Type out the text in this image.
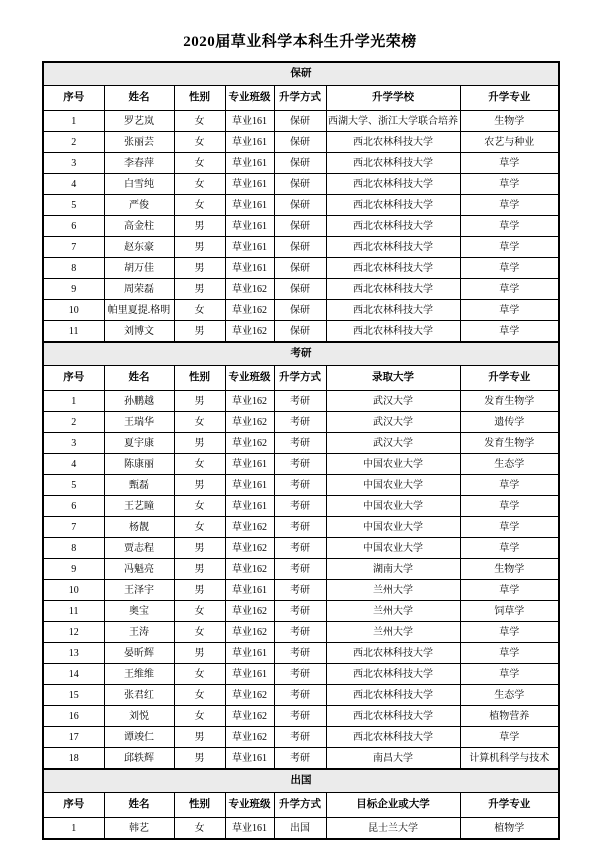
2020届草业科学本科生升学光荣榜
保研						
序号	姓名	性别	专业班级	升学方式	升学学校	升学专业
1	罗艺岚	女	草业161	保研	西湖大学、浙江大学联合培养	生物学
2	张丽芸	女	草业161	保研	西北农林科技大学	农艺与种业
3	李春萍	女	草业161	保研	西北农林科技大学	草学
4	白雪纯	女	草业161	保研	西北农林科技大学	草学
5	严俊	女	草业161	保研	西北农林科技大学	草学
6	高金柱	男	草业161	保研	西北农林科技大学	草学
7	赵东豪	男	草业161	保研	西北农林科技大学	草学
8	胡万佳	男	草业161	保研	西北农林科技大学	草学
9	周荣磊	男	草业162	保研	西北农林科技大学	草学
10	帕里夏提.格明	女	草业162	保研	西北农林科技大学	草学
11	刘博文	男	草业162	保研	西北农林科技大学	草学
考研						
序号	姓名	性别	专业班级	升学方式	录取大学	升学专业
1	孙鹏越	男	草业162	考研	武汉大学	发育生物学
2	王瑞华	女	草业162	考研	武汉大学	遗传学
3	夏宇康	男	草业162	考研	武汉大学	发育生物学
4	陈康丽	女	草业161	考研	中国农业大学	生态学
5	甄磊	男	草业161	考研	中国农业大学	草学
6	王艺瞳	女	草业161	考研	中国农业大学	草学
7	杨靓	女	草业162	考研	中国农业大学	草学
8	贾志程	男	草业162	考研	中国农业大学	草学
9	冯魁亮	男	草业162	考研	湖南大学	生物学
10	王泽宇	男	草业161	考研	兰州大学	草学
11	奥宝	女	草业162	考研	兰州大学	饲草学
12	王涛	女	草业162	考研	兰州大学	草学
13	晏昕辉	男	草业161	考研	西北农林科技大学	草学
14	王维维	女	草业161	考研	西北农林科技大学	草学
15	张君红	女	草业162	考研	西北农林科技大学	生态学
16	刘悦	女	草业162	考研	西北农林科技大学	植物营养
17	谭竣仁	男	草业162	考研	西北农林科技大学	草学
18	邱轶辉	男	草业161	考研	南昌大学	计算机科学与技术
出国						
序号	姓名	性别	专业班级	升学方式	目标企业或大学	升学专业
1	韩艺	女	草业161	出国	昆士兰大学	植物学
